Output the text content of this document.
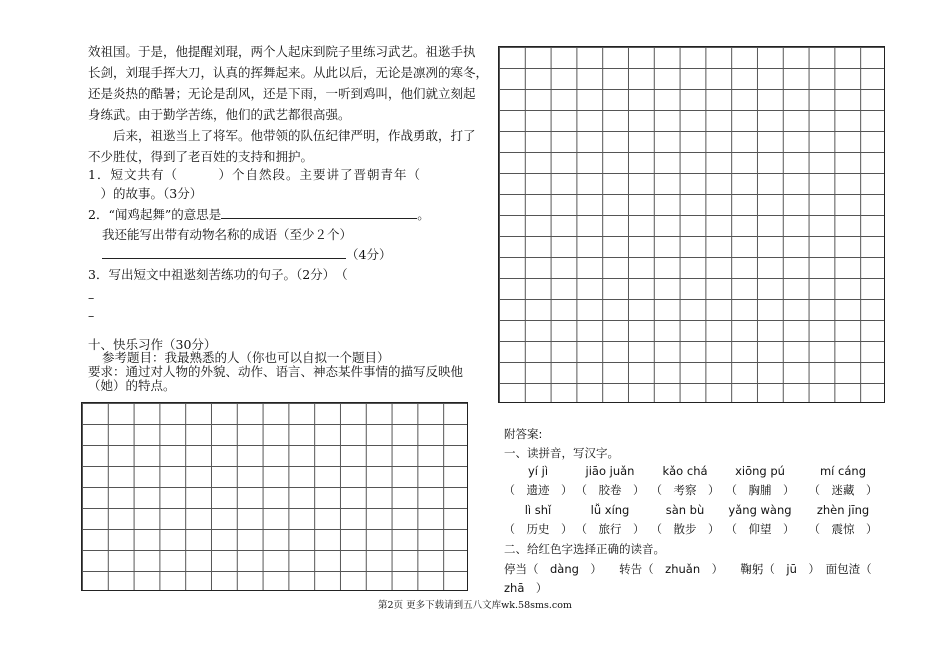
效祖国。于是，他提醒刘琨，两个人起床到院子里练习武艺。祖逖手执
长剑，刘琨手挥大刀，认真的挥舞起来。从此以后，无论是凛冽的寒冬，
还是炎热的酷暑；无论是刮风，还是下雨，一听到鸡叫，他们就立刻起
身练武。由于勤学苦练，他们的武艺都很高强。
　　后来，祖逖当上了将军。他带领的队伍纪律严明，作战勇敢，打了
不少胜仗，得到了老百姓的支持和拥护。
1．短文共有（　　　）个自然段。主要讲了晋朝青年（
　）的故事。（3分）
2．“闻鸡起舞”的意思是	。
我还能写出带有动物名称的成语（至少２个）
（4分）
3．写出短文中祖逖刻苦练功的句子。（2分）　（
–
–
十、快乐习作（30分）
参考题目：我最熟悉的人（你也可以自拟一个题目）
要求：通过对人物的外貌、动作、语言、神态某件事情的描写反映他
（她）的特点。
附答案:
一、读拼音，写汉字。
yí jì
（　遗迹　）
jiāo juǎn
（　胶卷　）
kǎo chá
（　考察　）
xiōng pú
（　胸脯　）
mí cáng
（　迷藏　）
lì shǐ
（　历史　）
lǚ xíng
（　旅行　）
sàn bù
（　散步　）
yǎng wàng
（　仰望　）
zhèn jīng
（　震惊　）
二、给红色字选择正确的读音。
停当（　dàng　）　　转告（　zhuǎn　）　　鞠躬（　jū　）　面包渣（
zhā　）
第2页 更多下载请到五八文库wk.58sms.com
